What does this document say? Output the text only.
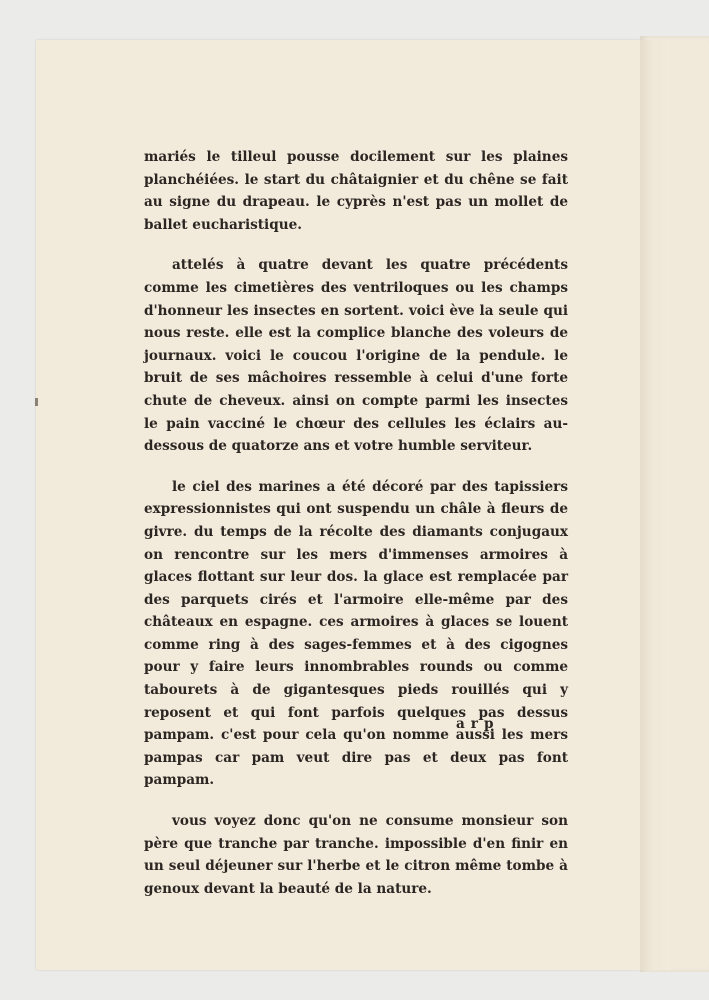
mariés le tilleul pousse docilement sur les plaines planchéiées. le start du châtaignier et du chêne se fait au signe du drapeau. le cyprès n'est pas un mollet de ballet eucharistique.

attelés à quatre devant les quatre précédents comme les cimetières des ventriloques ou les champs d'honneur les insectes en sortent. voici ève la seule qui nous reste. elle est la complice blanche des voleurs de journaux. voici le coucou l'origine de la pendule. le bruit de ses mâchoires ressemble à celui d'une forte chute de cheveux. ainsi on compte parmi les insectes le pain vacciné le chœur des cellules les éclairs au-dessous de quatorze ans et votre humble serviteur.

le ciel des marines a été décoré par des tapissiers expressionnistes qui ont suspendu un châle à fleurs de givre. du temps de la récolte des diamants conjugaux on rencontre sur les mers d'immenses armoires à glaces flottant sur leur dos. la glace est remplacée par des parquets cirés et l'armoire elle-même par des châteaux en espagne. ces armoires à glaces se louent comme ring à des sages-femmes et à des cigognes pour y faire leurs innombrables rounds ou comme tabourets à de gigantesques pieds rouillés qui y reposent et qui font parfois quelques pas dessus pampam. c'est pour cela qu'on nomme aussi les mers pampas car pam veut dire pas et deux pas font pampam.

vous voyez donc qu'on ne consume monsieur son père que tranche par tranche. impossible d'en finir en un seul déjeuner sur l'herbe et le citron même tombe à genoux devant la beauté de la nature.

arp
